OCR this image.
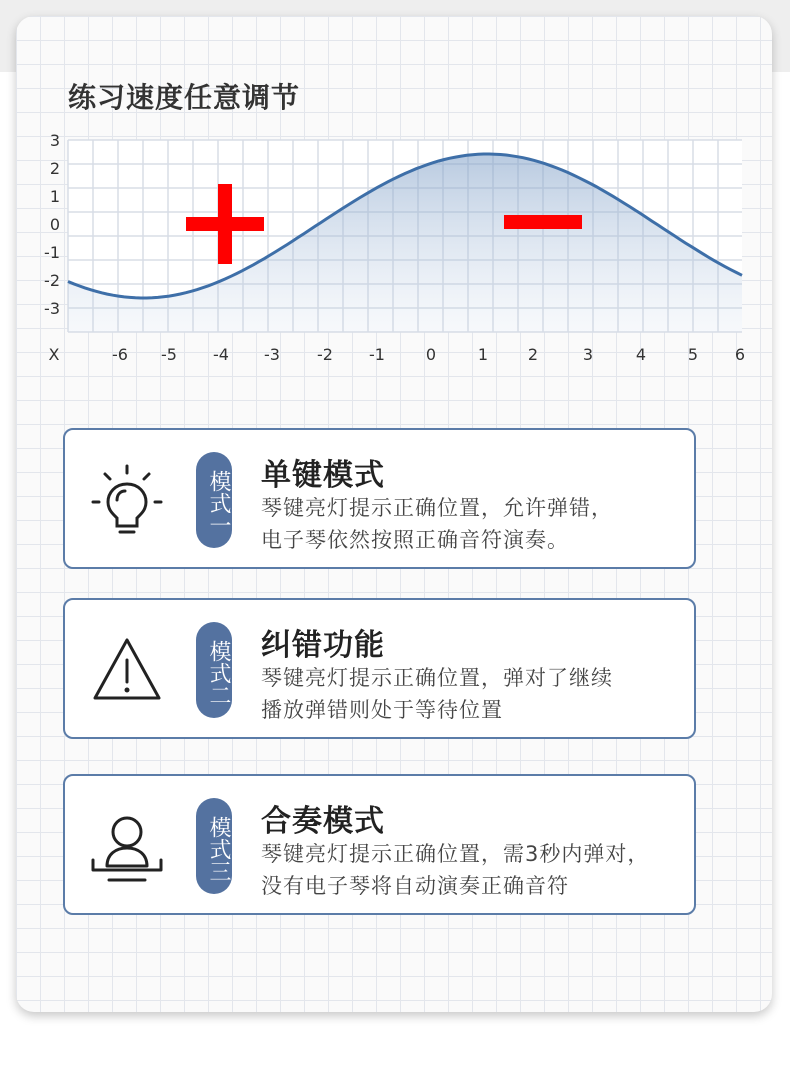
练习速度任意调节
3
2
1
0
-1
-2
-3
X	-6 -5 -4 -3 -2 -1	0	1 2	3	4	5 6
模式一 单键模式
琴键亮灯提示正确位置，允许弹错，
电子琴依然按照正确音符演奏。
模式二 纠错功能
琴键亮灯提示正确位置，弹对了继续
播放弹错则处于等待位置
模式三 合奏模式
琴键亮灯提示正确位置，需3秒内弹对，
没有电子琴将自动演奏正确音符
